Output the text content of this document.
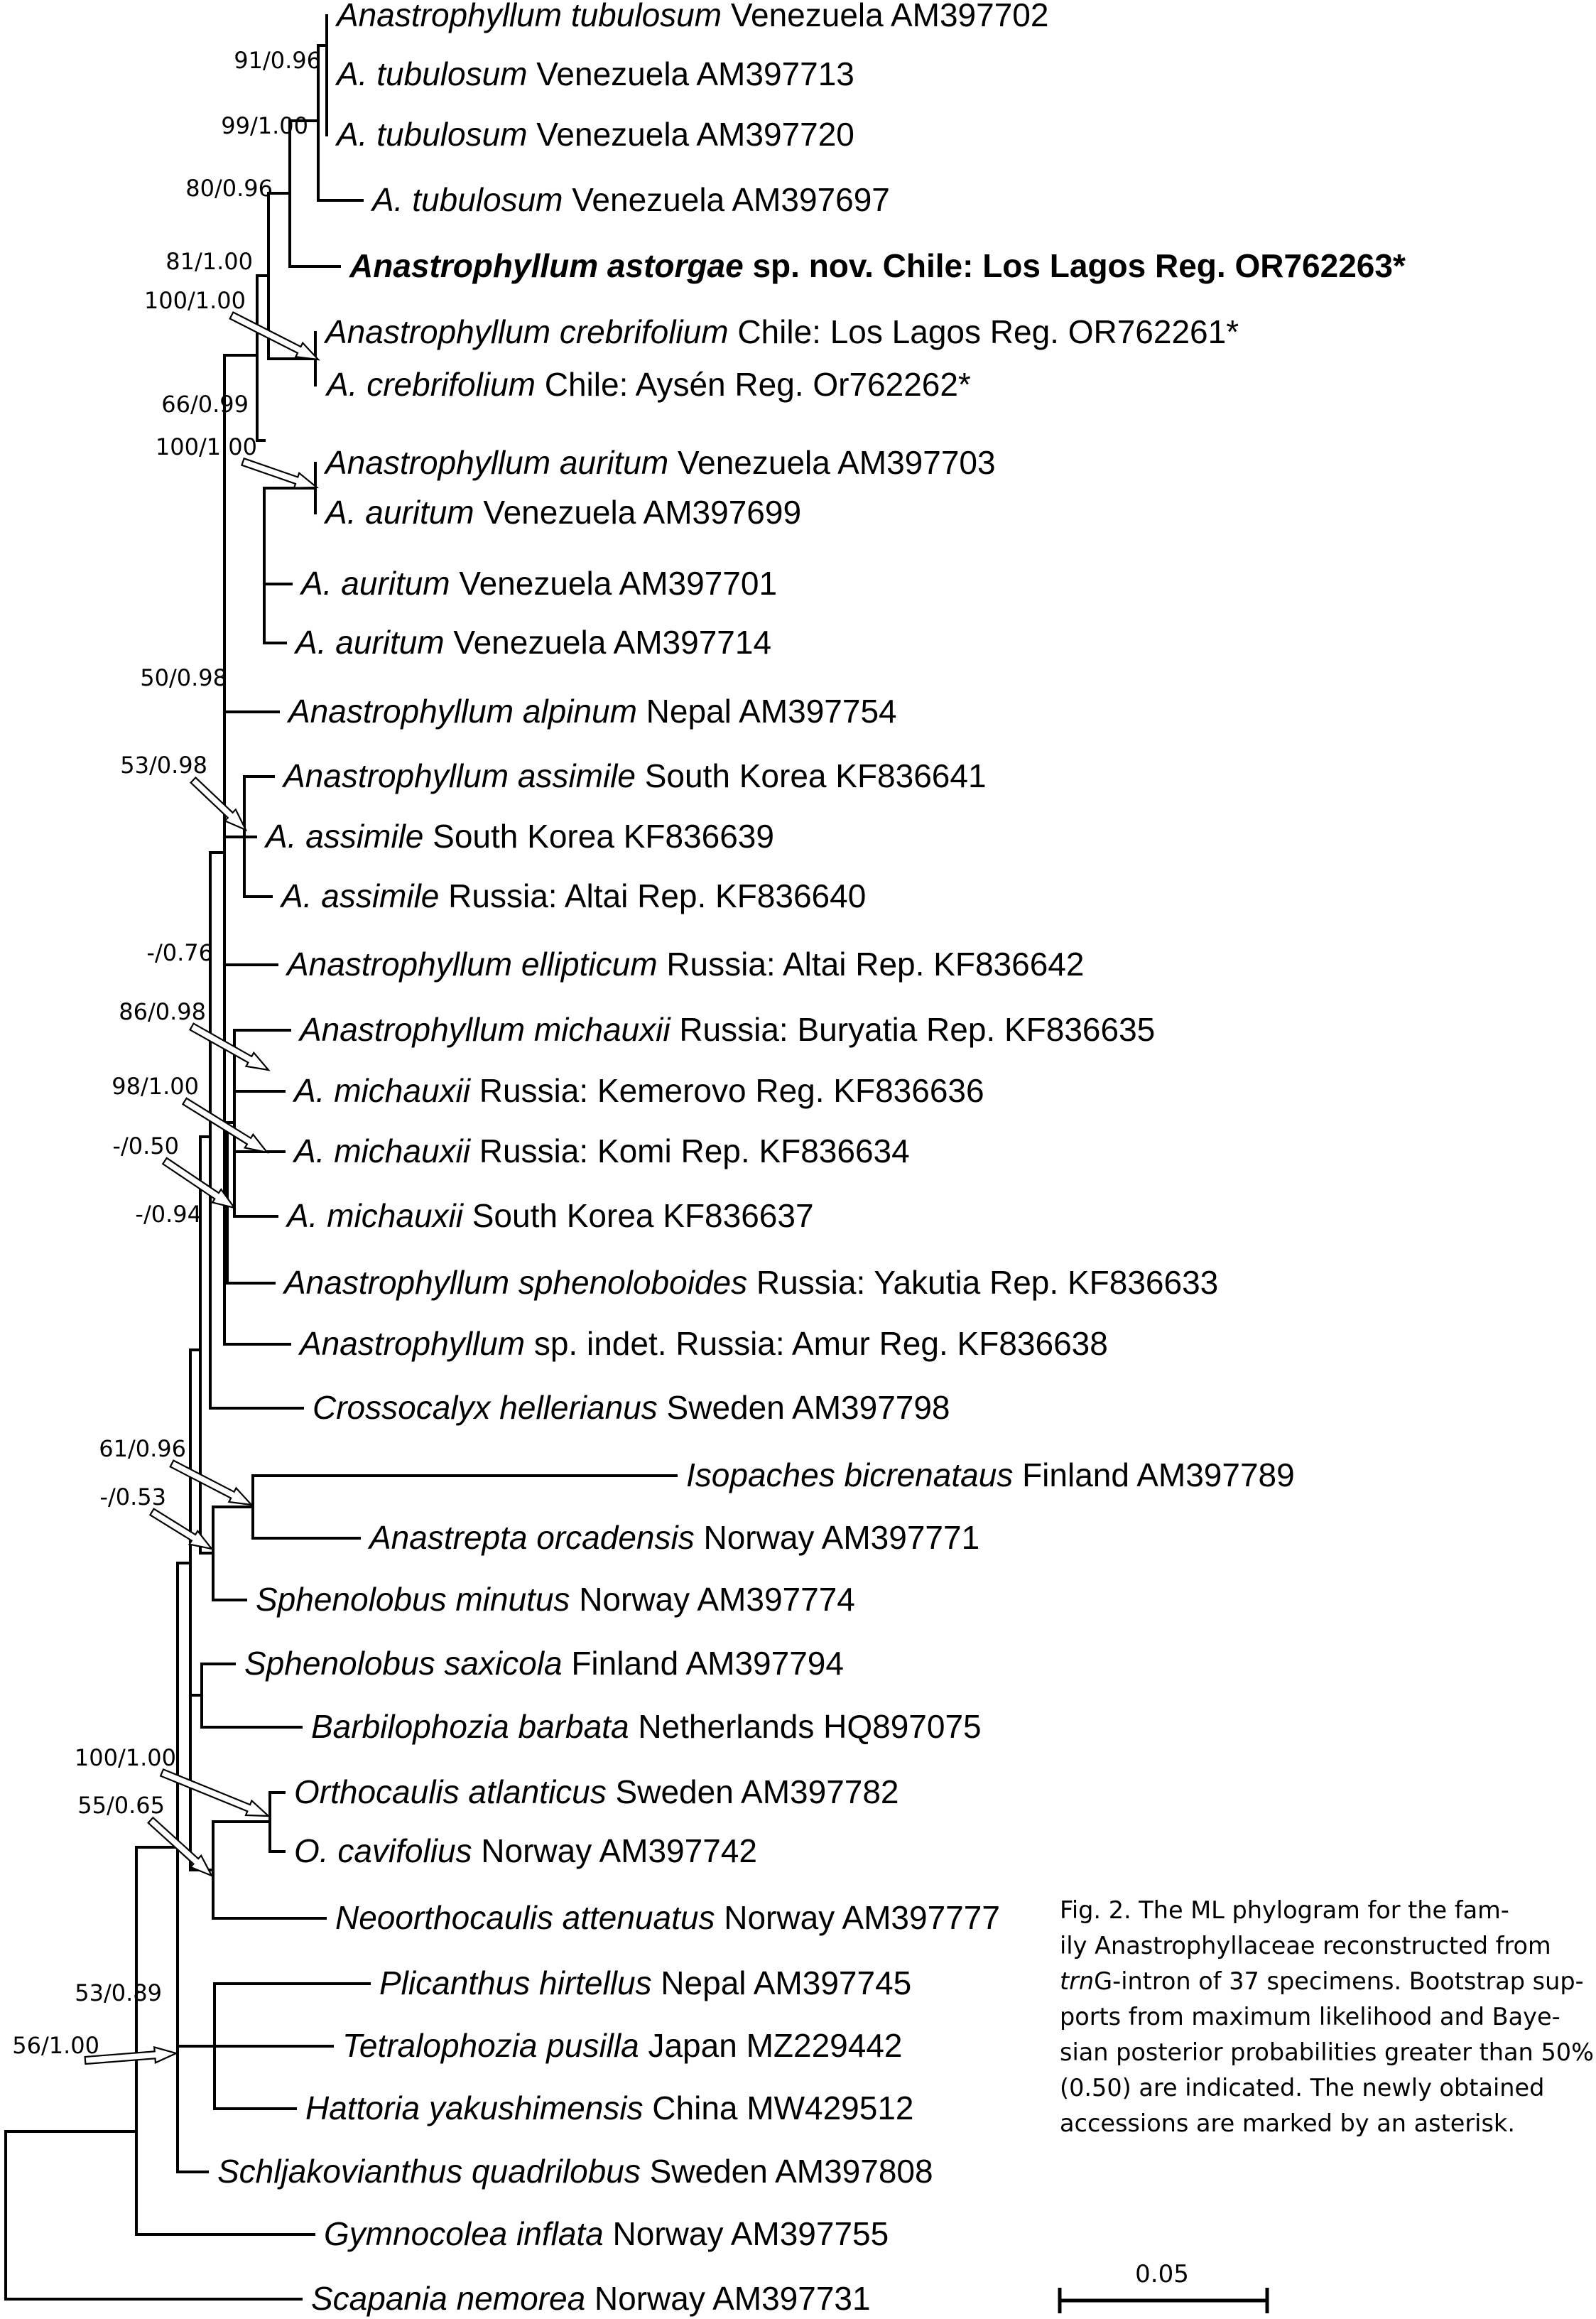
Anastrophyllum tubulosum Venezuela AM397702
A. tubulosum Venezuela AM397713
A. tubulosum Venezuela AM397720
A. tubulosum Venezuela AM397697
Anastrophyllum astorgae sp. nov. Chile: Los Lagos Reg. OR762263*
Anastrophyllum crebrifolium Chile: Los Lagos Reg. OR762261*
A. crebrifolium Chile: Aysén Reg. Or762262*
Anastrophyllum auritum Venezuela AM397703
A. auritum Venezuela AM397699
A. auritum Venezuela AM397701
A. auritum Venezuela AM397714
Anastrophyllum alpinum Nepal AM397754
Anastrophyllum assimile South Korea KF836641
A. assimile South Korea KF836639
A. assimile Russia: Altai Rep. KF836640
Anastrophyllum ellipticum Russia: Altai Rep. KF836642
Anastrophyllum michauxii Russia: Buryatia Rep. KF836635
A. michauxii Russia: Kemerovo Reg. KF836636
A. michauxii Russia: Komi Rep. KF836634
A. michauxii South Korea KF836637
Anastrophyllum sphenoloboides Russia: Yakutia Rep. KF836633
Anastrophyllum sp. indet. Russia: Amur Reg. KF836638
Crossocalyx hellerianus Sweden AM397798
Isopaches bicrenataus Finland AM397789
Anastrepta orcadensis Norway AM397771
Sphenolobus minutus Norway AM397774
Sphenolobus saxicola Finland AM397794
Barbilophozia barbata Netherlands HQ897075
Orthocaulis atlanticus Sweden AM397782
O. cavifolius Norway AM397742
Neoorthocaulis attenuatus Norway AM397777
Plicanthus hirtellus Nepal AM397745
Tetralophozia pusilla Japan MZ229442
Hattoria yakushimensis China MW429512
Schljakovianthus quadrilobus Sweden AM397808
Gymnocolea inflata Norway AM397755
Scapania nemorea Norway AM397731
91/0.96
99/1.00
80/0.96
81/1.00
100/1.00
66/0.99
100/1.00
50/0.98
53/0.98
-/0.76
86/0.98
98/1.00
-/0.50
-/0.94
61/0.96
-/0.53
100/1.00
55/0.65
53/0.89
56/1.00
0.05

Fig. 2. The ML phylogram for the fam-
ily Anastrophyllaceae reconstructed from
trnG-intron of 37 specimens. Bootstrap sup-
ports from maximum likelihood and Baye-
sian posterior probabilities greater than 50%
(0.50) are indicated. The newly obtained
accessions are marked by an asterisk.
